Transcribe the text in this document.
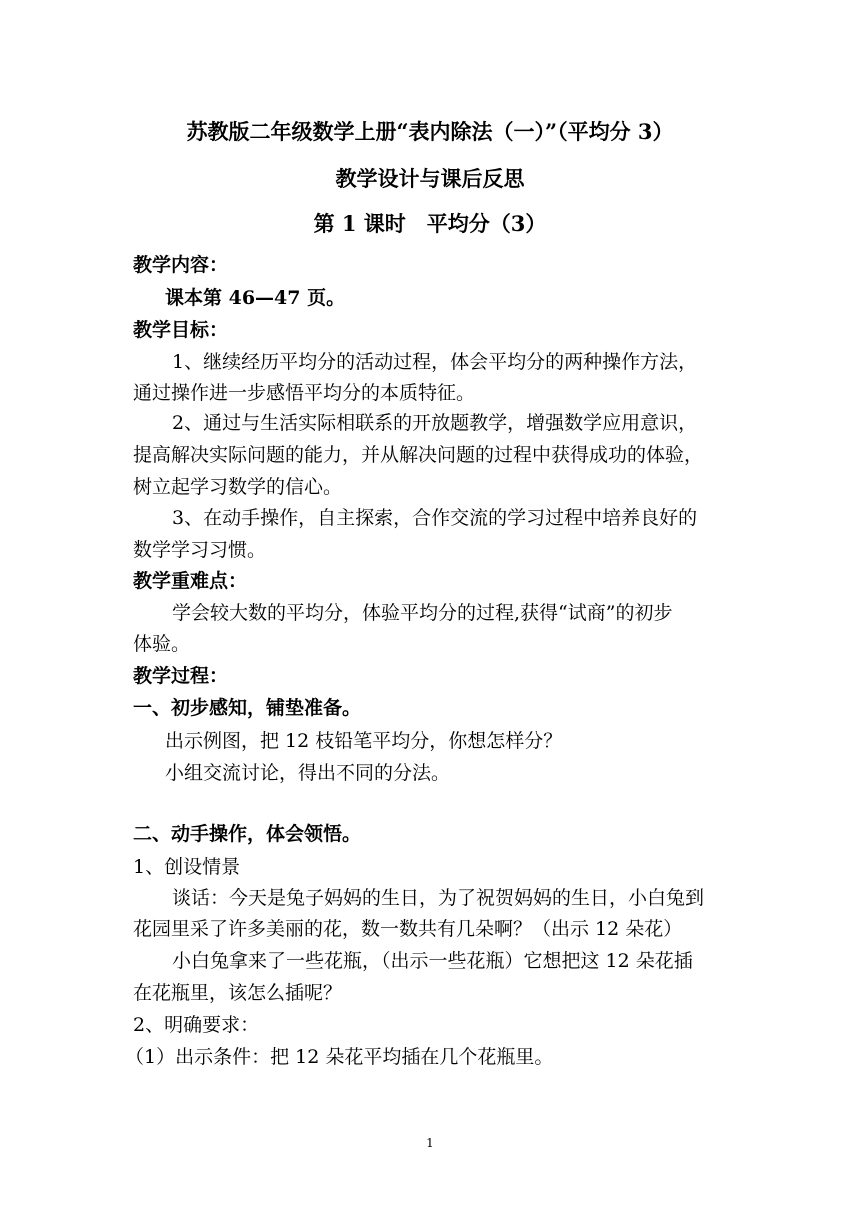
苏教版二年级数学上册“表内除法（一）”（平均分 3）
教学设计与课后反思
第 1 课时　平均分（3）
教学内容：
课本第 46—47 页。
教学目标：
1、继续经历平均分的活动过程，体会平均分的两种操作方法，
通过操作进一步感悟平均分的本质特征。
2、通过与生活实际相联系的开放题教学，增强数学应用意识，
提高解决实际问题的能力，并从解决问题的过程中获得成功的体验，
树立起学习数学的信心。
3、在动手操作，自主探索，合作交流的学习过程中培养良好的
数学学习习惯。
教学重难点：
学会较大数的平均分，体验平均分的过程,获得“试商”的初步
体验。
教学过程：
一、初步感知，铺垫准备。
出示例图，把 12 枝铅笔平均分，你想怎样分？
小组交流讨论，得出不同的分法。
二、动手操作，体会领悟。
1、创设情景
谈话：今天是兔子妈妈的生日，为了祝贺妈妈的生日，小白兔到
花园里采了许多美丽的花，数一数共有几朵啊？（出示 12 朵花）
小白兔拿来了一些花瓶，（出示一些花瓶）它想把这 12 朵花插
在花瓶里，该怎么插呢？
2、明确要求：
（1）出示条件：把 12 朵花平均插在几个花瓶里。
1
